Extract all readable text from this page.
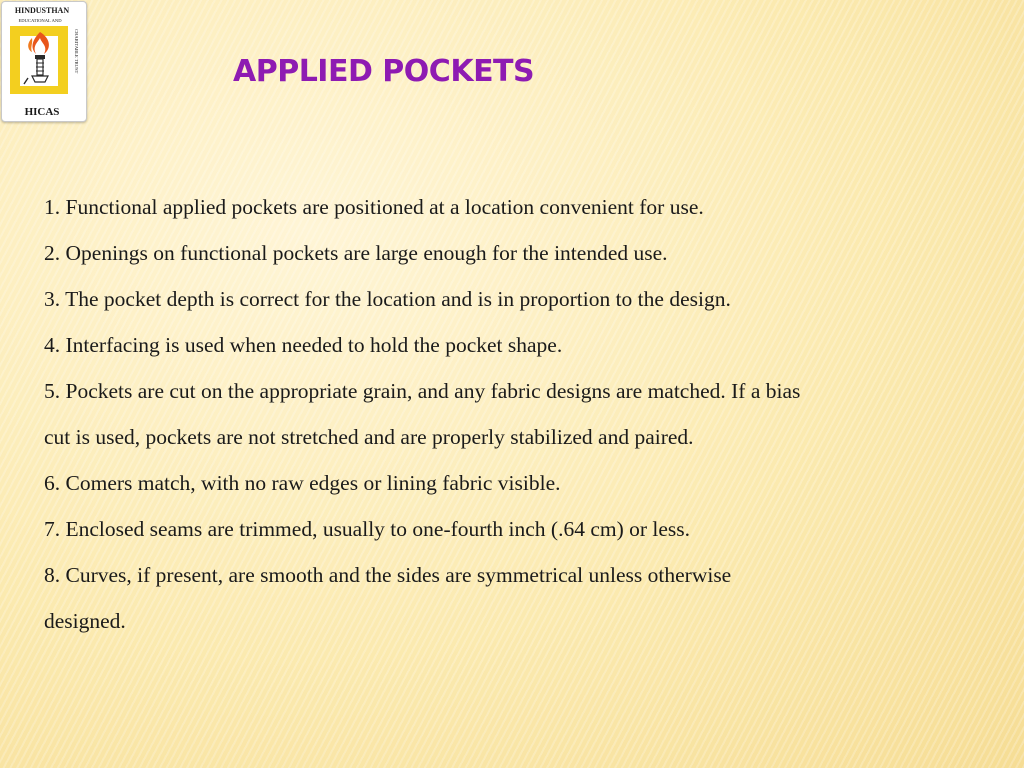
HINDUSTHAN
EDUCATIONAL AND
CHARITABLE TRUST
HICAS
APPLIED POCKETS
1. Functional applied pockets are positioned at a location convenient for use.
2. Openings on functional pockets are large enough for the intended use.
3. The pocket depth is correct for the location and is in proportion to the design.
4. Interfacing is used when needed to hold the pocket shape.
5. Pockets are cut on the appropriate grain, and any fabric designs are matched. If a bias
cut is used, pockets are not stretched and are properly stabilized and paired.
6. Comers match, with no raw edges or lining fabric visible.
7. Enclosed seams are trimmed, usually to one-fourth inch (.64 cm) or less.
8. Curves, if present, are smooth and the sides are symmetrical unless otherwise
designed.
